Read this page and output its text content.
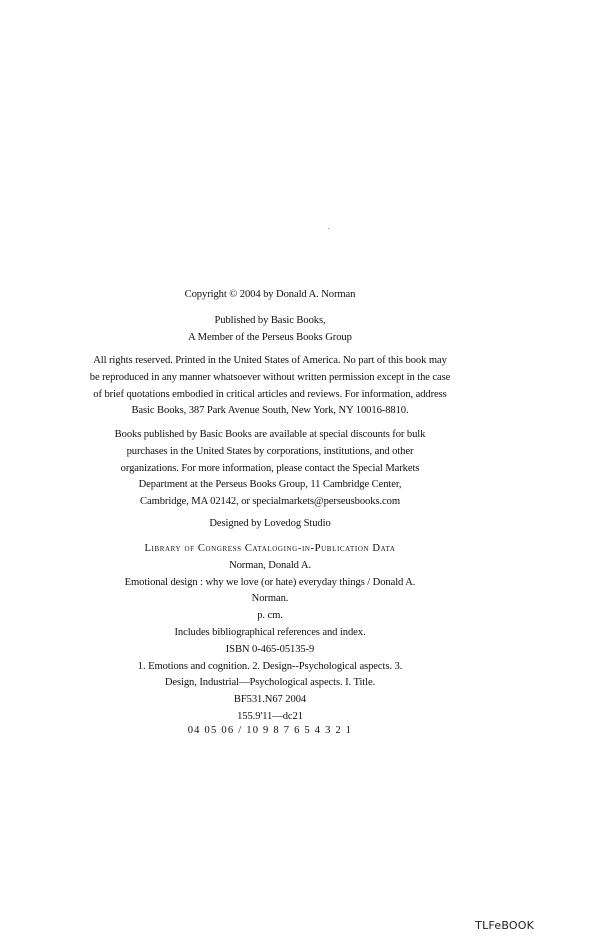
Copyright © 2004 by Donald A. Norman
Published by Basic Books,
A Member of the Perseus Books Group
All rights reserved. Printed in the United States of America. No part of this book may
be reproduced in any manner whatsoever without written permission except in the case
of brief quotations embodied in critical articles and reviews. For information, address
Basic Books, 387 Park Avenue South, New York, NY 10016-8810.
Books published by Basic Books are available at special discounts for bulk
purchases in the United States by corporations, institutions, and other
organizations. For more information, please contact the Special Markets
Department at the Perseus Books Group, 11 Cambridge Center,
Cambridge, MA 02142, or specialmarkets@perseusbooks.com
Designed by Lovedog Studio
Library of Congress Cataloging-in-Publication Data
Norman, Donald A.
Emotional design : why we love (or hate) everyday things / Donald A.
Norman.
p. cm.
Includes bibliographical references and index.
ISBN 0-465-05135-9
1. Emotions and cognition. 2. Design--Psychological aspects. 3.
Design, Industrial—Psychological aspects. I. Title.
BF531.N67 2004
155.9'11—dc21
04 05 06 / 10 9 8 7 6 5 4 3 2 1
TLFeBOOK
